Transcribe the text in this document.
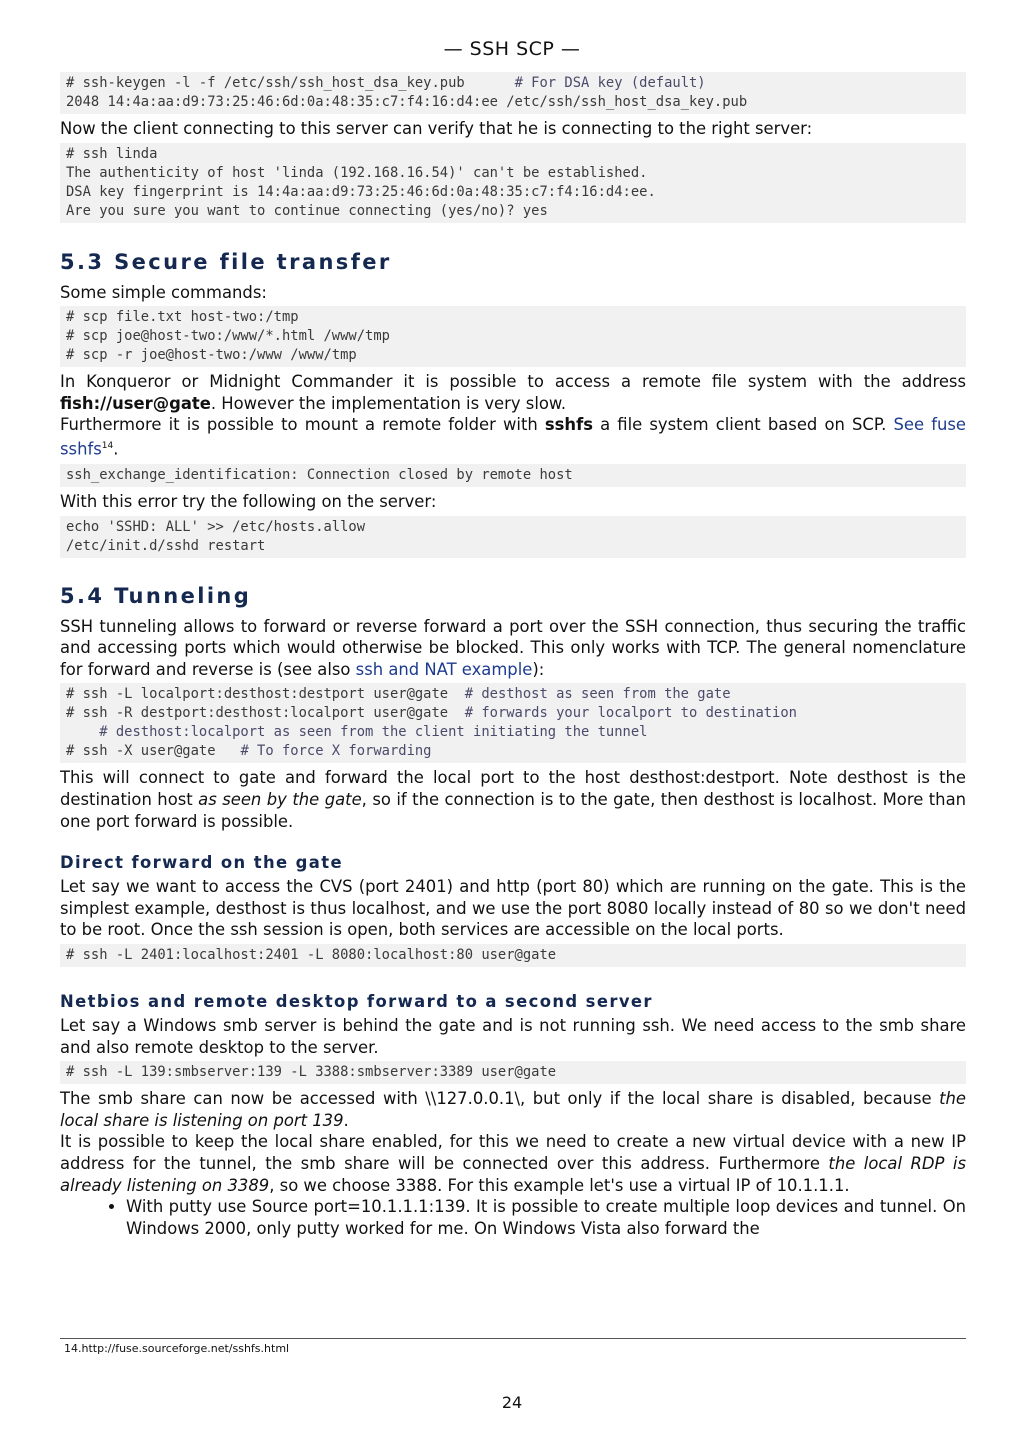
— SSH SCP —
# ssh-keygen -l -f /etc/ssh/ssh_host_dsa_key.pub      # For DSA key (default)
2048 14:4a:aa:d9:73:25:46:6d:0a:48:35:c7:f4:16:d4:ee /etc/ssh/ssh_host_dsa_key.pub

Now the client connecting to this server can verify that he is connecting to the right server:

# ssh linda
The authenticity of host 'linda (192.168.16.54)' can't be established.
DSA key fingerprint is 14:4a:aa:d9:73:25:46:6d:0a:48:35:c7:f4:16:d4:ee.
Are you sure you want to continue connecting (yes/no)? yes
5.3 Secure file transfer

Some simple commands:

# scp file.txt host-two:/tmp
# scp joe@host-two:/www/*.html /www/tmp
# scp -r joe@host-two:/www /www/tmp

In Konqueror or Midnight Commander it is possible to access a remote file system with the address fish://user@gate. However the implementation is very slow.
Furthermore it is possible to mount a remote folder with sshfs a file system client based on SCP. See fuse sshfs$^{14}$.

ssh_exchange_identification: Connection closed by remote host

With this error try the following on the server:

echo 'SSHD: ALL' >> /etc/hosts.allow
/etc/init.d/sshd restart
5.4 Tunneling

SSH tunneling allows to forward or reverse forward a port over the SSH connection, thus securing the traffic and accessing ports which would otherwise be blocked. This only works with TCP. The general nomenclature for forward and reverse is (see also ssh and NAT example):

# ssh -L localport:desthost:destport user@gate  # desthost as seen from the gate
# ssh -R destport:desthost:localport user@gate  # forwards your localport to destination
# desthost:localport as seen from the client initiating the tunnel
# ssh -X user@gate   # To force X forwarding

This will connect to gate and forward the local port to the host desthost:destport. Note desthost is the destination host as seen by the gate, so if the connection is to the gate, then desthost is localhost. More than one port forward is possible.

Direct forward on the gate

Let say we want to access the CVS (port 2401) and http (port 80) which are running on the gate. This is the simplest example, desthost is thus localhost, and we use the port 8080 locally instead of 80 so we don't need to be root. Once the ssh session is open, both services are accessible on the local ports.

# ssh -L 2401:localhost:2401 -L 8080:localhost:80 user@gate
Netbios and remote desktop forward to a second server

Let say a Windows smb server is behind the gate and is not running ssh. We need access to the smb share and also remote desktop to the server.

# ssh -L 139:smbserver:139 -L 3388:smbserver:3389 user@gate

The smb share can now be accessed with \\127.0.0.1\, but only if the local share is disabled, because the local share is listening on port 139.

It is possible to keep the local share enabled, for this we need to create a new virtual device with a new IP address for the tunnel, the smb share will be connected over this address. Furthermore the local RDP is already listening on 3389, so we choose 3388. For this example let's use a virtual IP of 10.1.1.1.

• With putty use Source port=10.1.1.1:139. It is possible to create multiple loop devices and tunnel. On Windows 2000, only putty worked for me. On Windows Vista also forward the
14.http://fuse.sourceforge.net/sshfs.html
24
